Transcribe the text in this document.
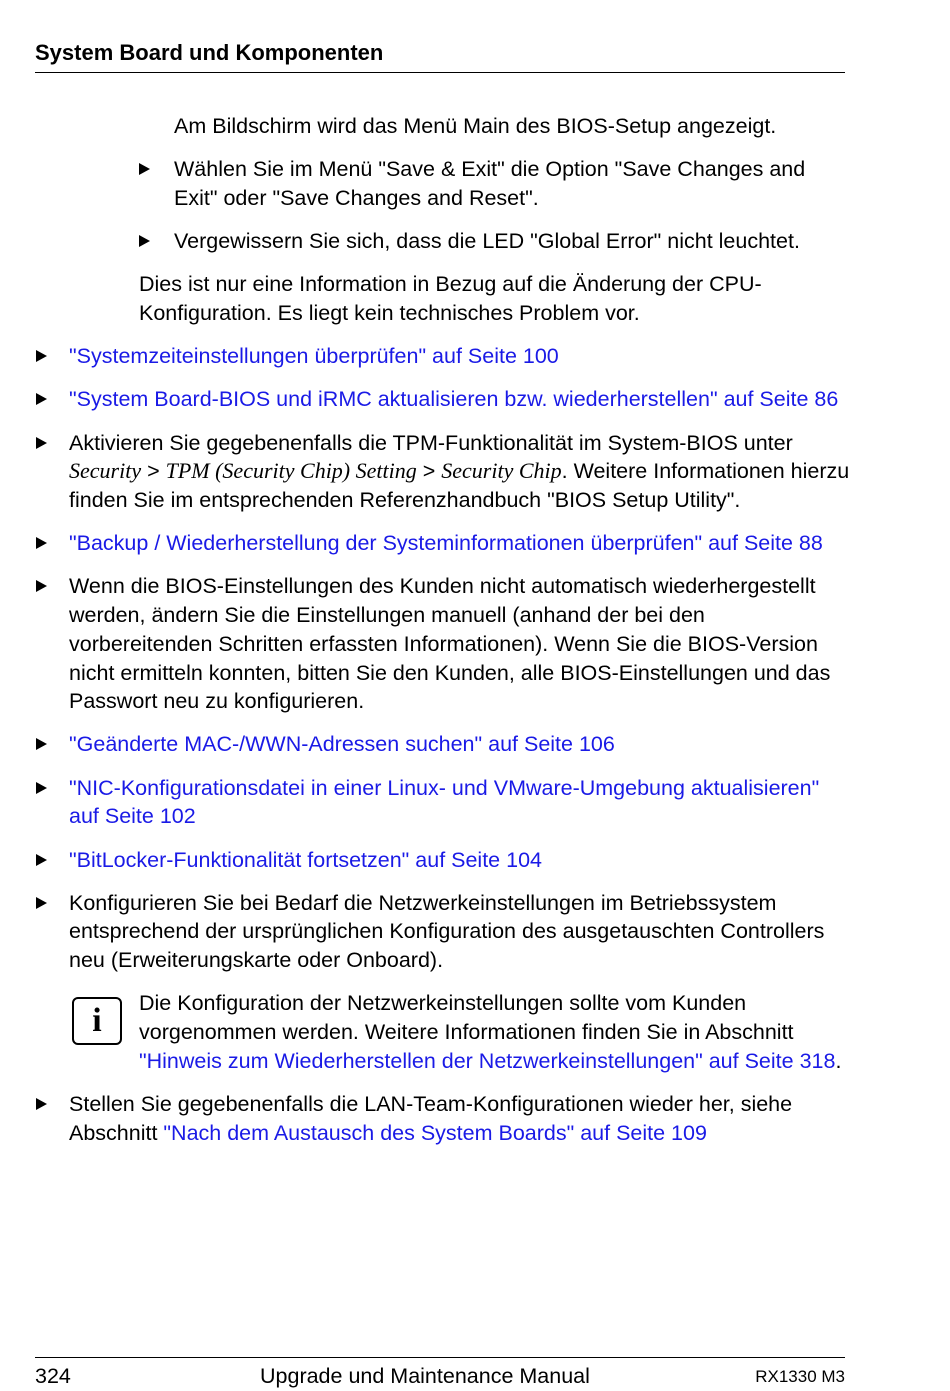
System Board und Komponenten

Am Bildschirm wird das Menü Main des BIOS-Setup angezeigt.

Wählen Sie im Menü "Save & Exit" die Option "Save Changes and Exit" oder "Save Changes and Reset".
Vergewissern Sie sich, dass die LED "Global Error" nicht leuchtet.

Dies ist nur eine Information in Bezug auf die Änderung der CPU-Konfiguration. Es liegt kein technisches Problem vor.

"Systemzeiteinstellungen überprüfen" auf Seite 100
"System Board-BIOS und iRMC aktualisieren bzw. wiederherstellen" auf Seite 86
Aktivieren Sie gegebenenfalls die TPM-Funktionalität im System-BIOS unter Security > TPM (Security Chip) Setting > Security Chip. Weitere Informationen hierzu finden Sie im entsprechenden Referenzhandbuch "BIOS Setup Utility".
"Backup / Wiederherstellung der Systeminformationen überprüfen" auf Seite 88
Wenn die BIOS-Einstellungen des Kunden nicht automatisch wiederhergestellt werden, ändern Sie die Einstellungen manuell (anhand der bei den vorbereitenden Schritten erfassten Informationen). Wenn Sie die BIOS-Version nicht ermitteln konnten, bitten Sie den Kunden, alle BIOS-Einstellungen und das Passwort neu zu konfigurieren.
"Geänderte MAC-/WWN-Adressen suchen" auf Seite 106
"NIC-Konfigurationsdatei in einer Linux- und VMware-Umgebung aktualisieren" auf Seite 102
"BitLocker-Funktionalität fortsetzen" auf Seite 104
Konfigurieren Sie bei Bedarf die Netzwerkeinstellungen im Betriebssystem entsprechend der ursprünglichen Konfiguration des ausgetauschten Controllers neu (Erweiterungskarte oder Onboard).
i	Die Konfiguration der Netzwerkeinstellungen sollte vom Kunden vorgenommen werden. Weitere Informationen finden Sie in Abschnitt "Hinweis zum Wiederherstellen der Netzwerkeinstellungen" auf Seite 318.
Stellen Sie gegebenenfalls die LAN-Team-Konfigurationen wieder her, siehe Abschnitt "Nach dem Austausch des System Boards" auf Seite 109
324	Upgrade und Maintenance Manual	RX1330 M3
